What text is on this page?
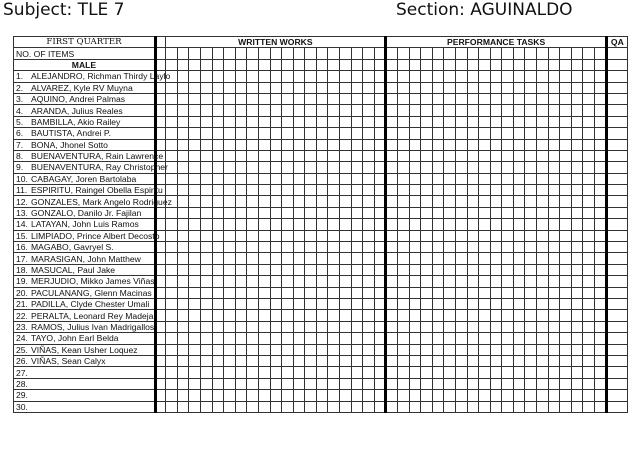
Subject: TLE 7	Section: AGUINALDO
FIRST QUARTER		WRITTEN WORKS																			PERFORMANCE TASKS																			QA
NO. OF ITEMS																																								
MALE																																								
1. ALEJANDRO, Richman Thirdy Laylo																																								
2. ALVAREZ, Kyle RV Muyna																																								
3. AQUINO, Andrei Palmas																																								
4. ARANDA, Julius Reales																																								
5. BAMBILLA, Akio Railey																																								
6. BAUTISTA, Andrei P.																																								
7. BONA, Jhonel Sotto																																								
8. BUENAVENTURA, Rain Lawrence																																								
9. BUENAVENTURA, Ray Christopher																																								
10. CABAGAY, Joren Bartolaba																																								
11. ESPIRITU, Raingel Obella Espiritu																																								
12. GONZALES, Mark Angelo Rodriguez																																								
13. GONZALO, Danilo Jr. Fajilan																																								
14. LATAYAN, John Luis Ramos																																								
15. LIMPIADO, Prince Albert Decosto																																								
16. MAGABO, Gavryel S.																																								
17. MARASIGAN, John Matthew																																								
18. MASUCAL, Paul Jake																																								
19. MERJUDIO, Mikko James Viñas																																								
20. PACULANANG, Glenn Macinas																																								
21. PADILLA, Clyde Chester Umali																																								
22. PERALTA, Leonard Rey Madeja																																								
23. RAMOS, Julius Ivan Madrigallos																																								
24. TAYO, John Earl Belda																																								
25. VIÑAS, Kean Usher Loquez																																								
26. VIÑAS, Sean Calyx																																								
27.																																								
28.																																								
29.																																								
30.																																								
